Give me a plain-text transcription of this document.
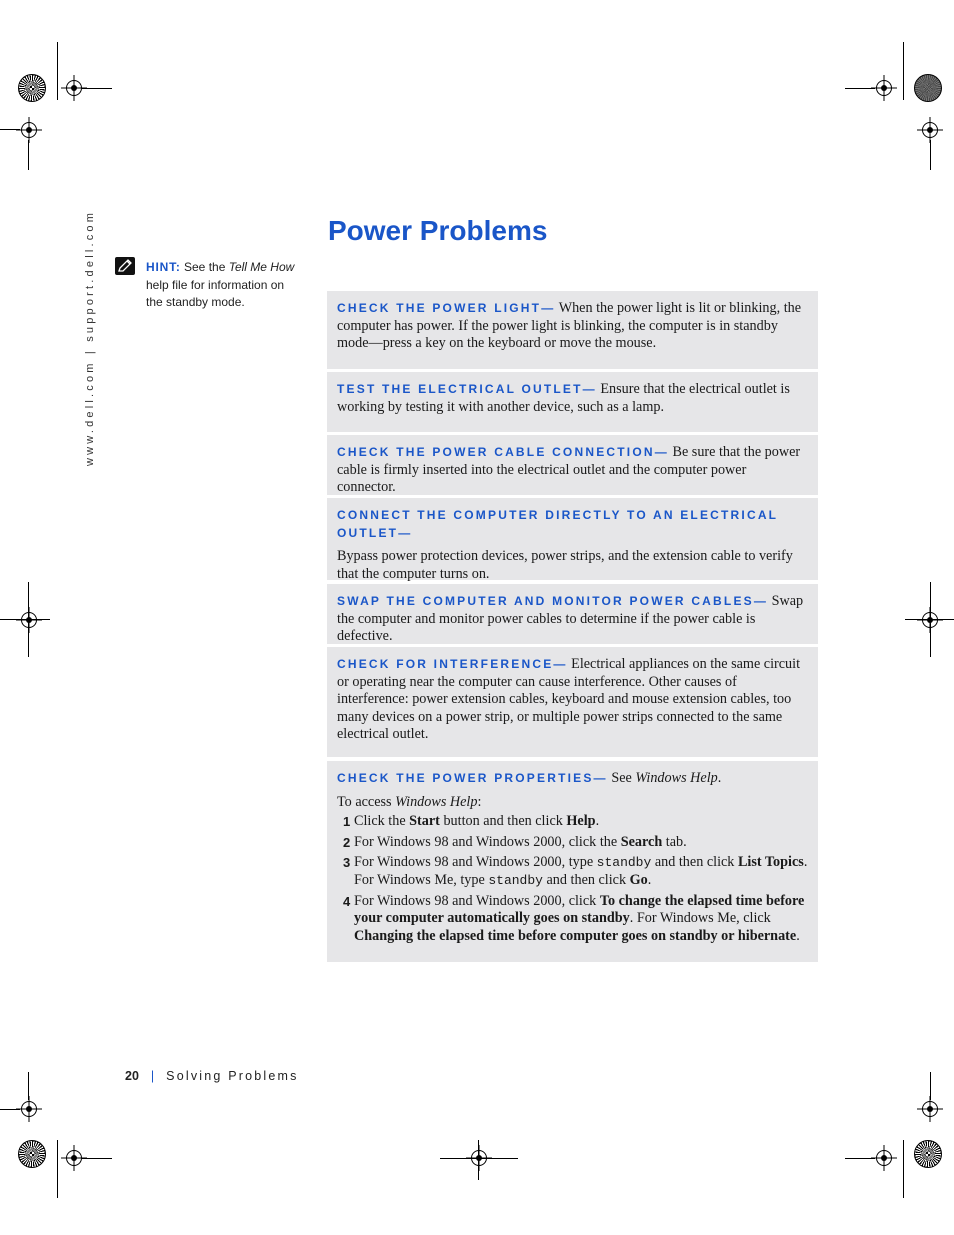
www.dell.com | support.dell.com	HINT: See the Tell Me How help file for information on the standby mode.
Power Problems

CHECK THE POWER LIGHT— When the power light is lit or blinking, the computer has power. If the power light is blinking, the computer is in standby mode—press a key on the keyboard or move the mouse.

TEST THE ELECTRICAL OUTLET— Ensure that the electrical outlet is working by testing it with another device, such as a lamp.

CHECK THE POWER CABLE CONNECTION— Be sure that the power cable is firmly inserted into the electrical outlet and the computer power connector.

CONNECT THE COMPUTER DIRECTLY TO AN ELECTRICAL OUTLET—

Bypass power protection devices, power strips, and the extension cable to verify that the computer turns on.

SWAP THE COMPUTER AND MONITOR POWER CABLES— Swap the computer and monitor power cables to determine if the power cable is defective.

CHECK FOR INTERFERENCE— Electrical appliances on the same circuit or operating near the computer can cause interference. Other causes of interference: power extension cables, keyboard and mouse extension cables, too many devices on a power strip, or multiple power strips connected to the same electrical outlet.

CHECK THE POWER PROPERTIES— See Windows Help.

To access Windows Help:

1 Click the Start button and then click Help.
2 For Windows 98 and Windows 2000, click the Search tab.
3 For Windows 98 and Windows 2000, type standby and then click List Topics. For Windows Me, type standby and then click Go.
4 For Windows 98 and Windows 2000, click To change the elapsed time before your computer automatically goes on standby. For Windows Me, click Changing the elapsed time before computer goes on standby or hibernate.
20 | Solving Problems
